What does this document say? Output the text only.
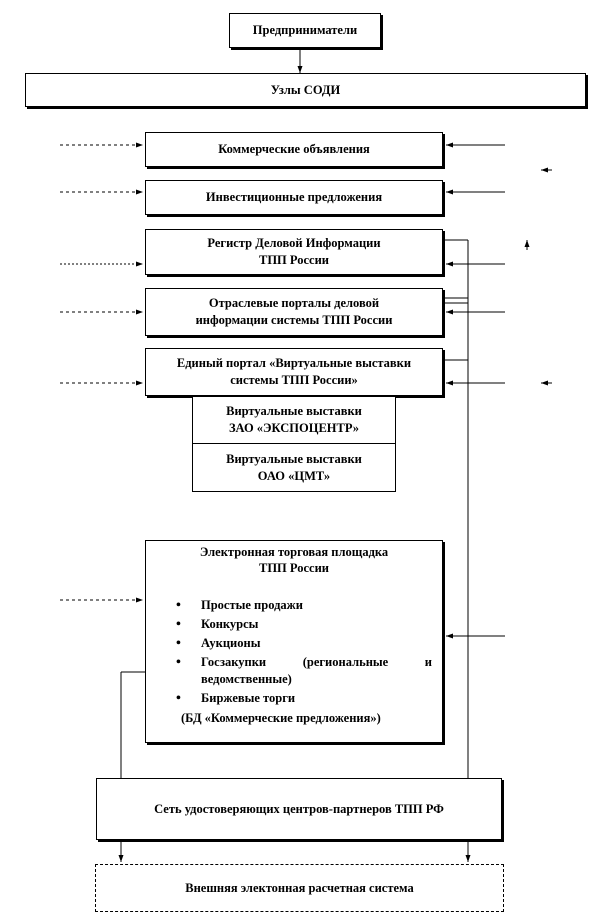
Предприниматели
Узлы СОДИ
Коммерческие объявления
Инвестиционные предложения
Регистр Деловой Информации
ТПП России
Отраслевые порталы деловой
информации системы ТПП России
Единый портал «Виртуальные выставки
системы ТПП России»
Виртуальные выставки
ЗАО «ЭКСПОЦЕНТР»
Виртуальные выставки
ОАО «ЦМТ»
Электронная торговая площадка
ТПП России
• Простые продажи
• Конкурсы
• Аукционы
• Госзакупки (региональные и
ведомственные)
• Биржевые торги
(БД «Коммерческие предложения»)
Сеть удостоверяющих центров-партнеров ТПП РФ
Внешняя электонная расчетная система
